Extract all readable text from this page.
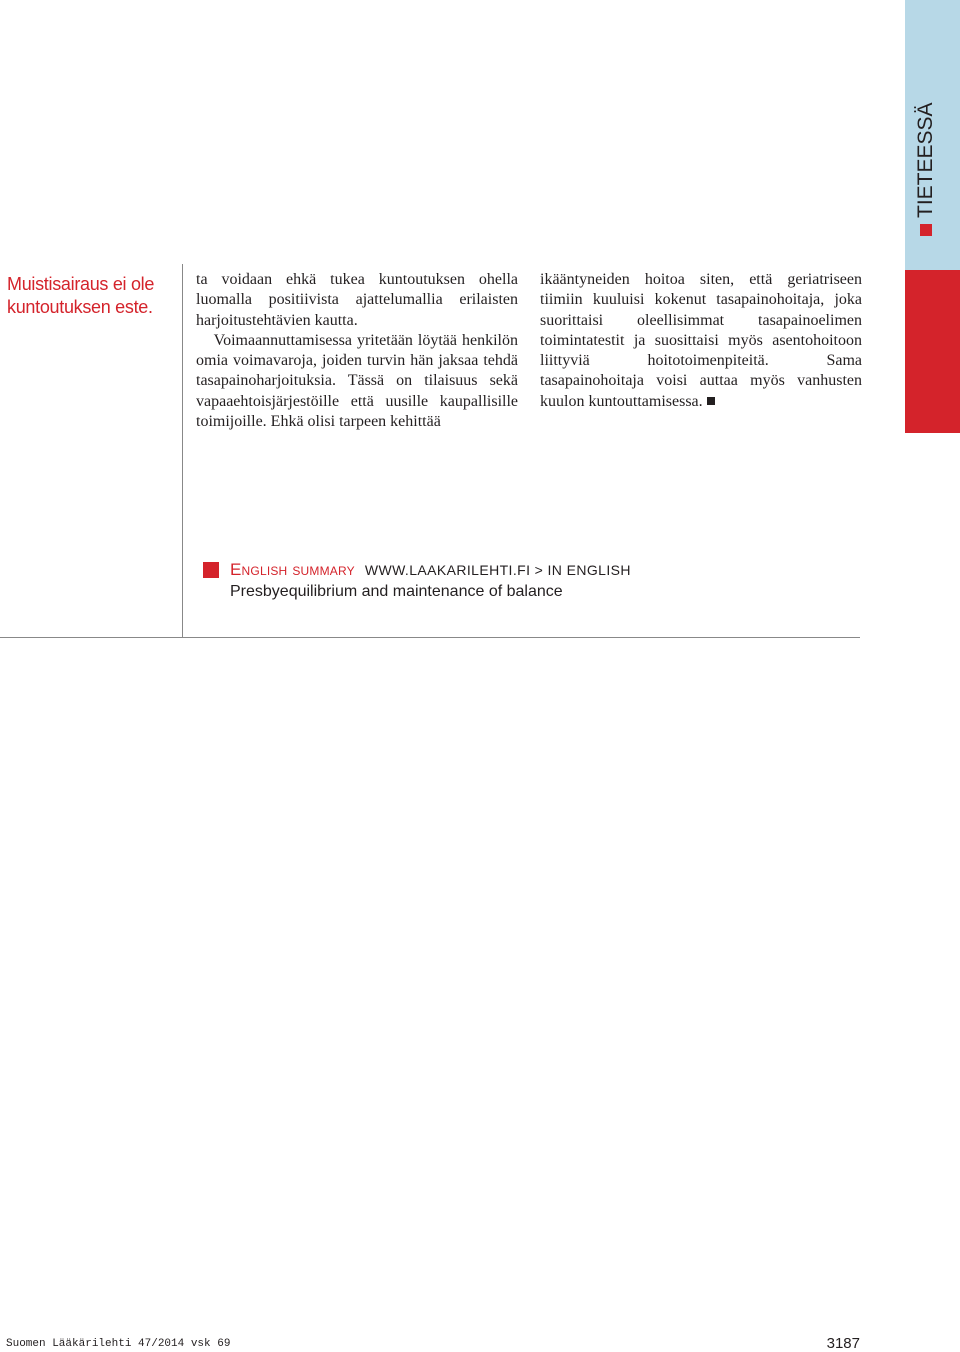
TIETEESSÄ
Muistisairaus ei ole kuntoutuksen este.

ta voidaan ehkä tukea kuntoutuksen ohella luomalla positiivista ajattelumallia erilaisten harjoitustehtävien kautta.

Voimaannuttamisessa yritetään löytää henkilön omia voimavaroja, joiden turvin hän jaksaa tehdä tasapainoharjoituksia. Tässä on tilaisuus sekä vapaaehtoisjärjestöille että uusille kaupallisille toimijoille. Ehkä olisi tarpeen kehittää

ikääntyneiden hoitoa siten, että geriatriseen tiimiin kuuluisi kokenut tasapainohoitaja, joka suorittaisi oleellisimmat tasapainoelimen toimintatestit ja suosittaisi myös asentohoitoon liittyviä hoitotoimenpiteitä. Sama tasapainohoitaja voisi auttaa myös vanhusten kuulon kuntouttamisessa.

English summary WWW.LAAKARILEHTI.FI > IN ENGLISH
Presbyequilibrium and maintenance of balance
Suomen Lääkärilehti 47/2014 vsk 69	3187
